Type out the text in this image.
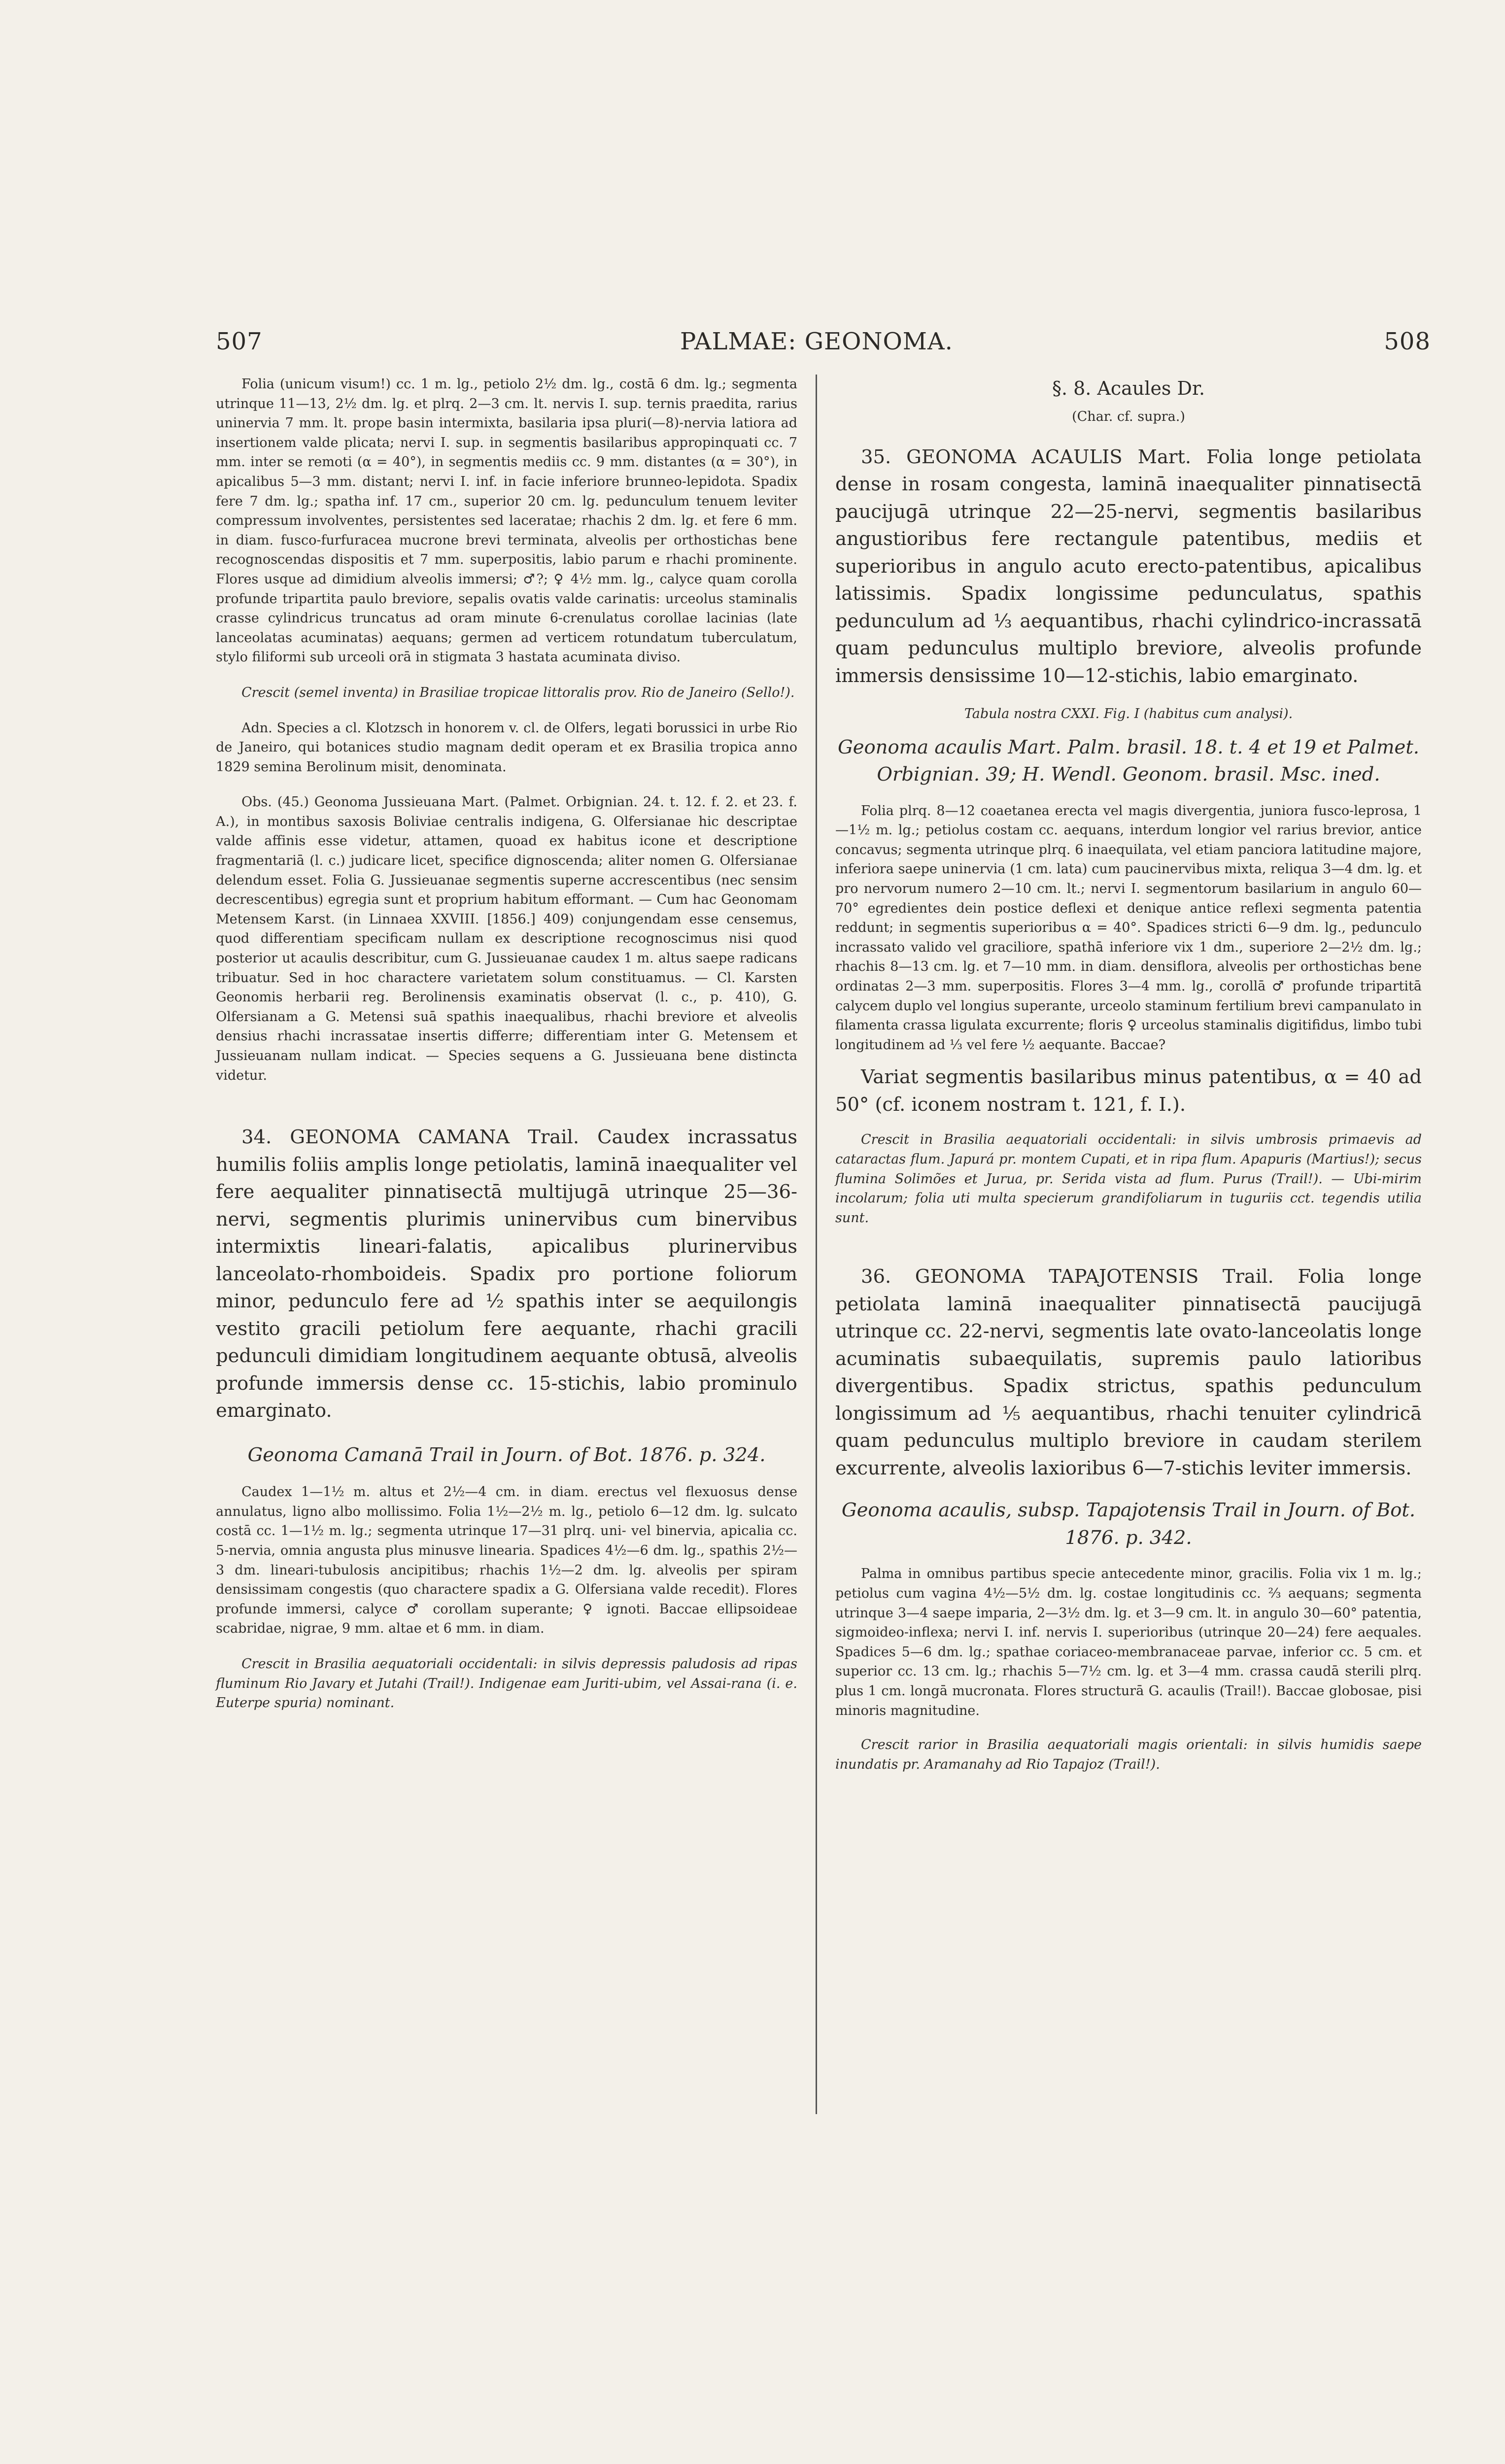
507	PALMAE: GEONOMA.	508

Folia (unicum visum!) cc. 1 m. lg., petiolo 2½ dm. lg., costā 6 dm. lg.; segmenta utrinque 11—13, 2½ dm. lg. et plrq. 2—3 cm. lt. nervis I. sup. ternis praedita, rarius uninervia 7 mm. lt. prope basin intermixta, basilaria ipsa pluri(—8)-nervia latiora ad insertionem valde plicata; nervi I. sup. in segmentis basilaribus appropinquati cc. 7 mm. inter se remoti (α = 40°), in segmentis mediis cc. 9 mm. distantes (α = 30°), in apicalibus 5—3 mm. distant; nervi I. inf. in facie inferiore brunneo-lepidota. Spadix fere 7 dm. lg.; spatha inf. 17 cm., superior 20 cm. lg. pedunculum tenuem leviter compressum involventes, persistentes sed laceratae; rhachis 2 dm. lg. et fere 6 mm. in diam. fusco-furfuracea mucrone brevi terminata, alveolis per orthostichas bene recognoscendas dispositis et 7 mm. superpositis, labio parum e rhachi prominente. Flores usque ad dimidium alveolis immersi; ♂?; ♀ 4½ mm. lg., calyce quam corolla profunde tripartita paulo breviore, sepalis ovatis valde carinatis: urceolus staminalis crasse cylindricus truncatus ad oram minute 6-crenulatus corollae lacinias (late lanceolatas acuminatas) aequans; germen ad verticem rotundatum tuberculatum, stylo filiformi sub urceoli orā in stigmata 3 hastata acuminata diviso.

Crescit (semel inventa) in Brasiliae tropicae littoralis prov. Rio de Janeiro (Sello!).

Adn. Species a cl. Klotzsch in honorem v. cl. de Olfers, legati borussici in urbe Rio de Janeiro, qui botanices studio magnam dedit operam et ex Brasilia tropica anno 1829 semina Berolinum misit, denominata.

Obs. (45.) Geonoma Jussieuana Mart. (Palmet. Orbignian. 24. t. 12. f. 2. et 23. f. A.), in montibus saxosis Boliviae centralis indigena, G. Olfersianae hic descriptae valde affinis esse videtur, attamen, quoad ex habitus icone et descriptione fragmentariā (l. c.) judicare licet, specifice dignoscenda; aliter nomen G. Olfersianae delendum esset. Folia G. Jussieuanae segmentis superne accrescentibus (nec sensim decrescentibus) egregia sunt et proprium habitum efformant. — Cum hac Geonomam Metensem Karst. (in Linnaea XXVIII. [1856.] 409) conjungendam esse censemus, quod differentiam specificam nullam ex descriptione recognoscimus nisi quod posterior ut acaulis describitur, cum G. Jussieuanae caudex 1 m. altus saepe radicans tribuatur. Sed in hoc charactere varietatem solum constituamus. — Cl. Karsten Geonomis herbarii reg. Berolinensis examinatis observat (l. c., p. 410), G. Olfersianam a G. Metensi suā spathis inaequalibus, rhachi breviore et alveolis densius rhachi incrassatae insertis differre; differentiam inter G. Metensem et Jussieuanam nullam indicat. — Species sequens a G. Jussieuana bene distincta videtur.

34. GEONOMA CAMANA Trail. Caudex incrassatus humilis foliis amplis longe petiolatis, laminā inaequaliter vel fere aequaliter pinnatisectā multijugā utrinque 25—36-nervi, segmentis plurimis uninervibus cum binervibus intermixtis lineari-falatis, apicalibus plurinervibus lanceolato-rhomboideis. Spadix pro portione foliorum minor, pedunculo fere ad ½ spathis inter se aequilongis vestito gracili petiolum fere aequante, rhachi gracili pedunculi dimidiam longitudinem aequante obtusā, alveolis profunde immersis dense cc. 15-stichis, labio prominulo emarginato.

Geonoma Camanā Trail in Journ. of Bot. 1876. p. 324.

Caudex 1—1½ m. altus et 2½—4 cm. in diam. erectus vel flexuosus dense annulatus, ligno albo mollissimo. Folia 1½—2½ m. lg., petiolo 6—12 dm. lg. sulcato costā cc. 1—1½ m. lg.; segmenta utrinque 17—31 plrq. uni- vel binervia, apicalia cc. 5-nervia, omnia angusta plus minusve linearia. Spadices 4½—6 dm. lg., spathis 2½—3 dm. lineari-tubulosis ancipitibus; rhachis 1½—2 dm. lg. alveolis per spiram densissimam congestis (quo charactere spadix a G. Olfersiana valde recedit). Flores profunde immersi, calyce ♂ corollam superante; ♀ ignoti. Baccae ellipsoideae scabridae, nigrae, 9 mm. altae et 6 mm. in diam.

Crescit in Brasilia aequatoriali occidentali: in silvis depressis paludosis ad ripas fluminum Rio Javary et Jutahi (Trail!). Indigenae eam Juriti-ubim, vel Assai-rana (i. e. Euterpe spuria) nominant.

§. 8. Acaules Dr.

(Char. cf. supra.)

35. GEONOMA ACAULIS Mart. Folia longe petiolata dense in rosam congesta, laminā inaequaliter pinnatisectā paucijugā utrinque 22—25-nervi, segmentis basilaribus angustioribus fere rectangule patentibus, mediis et superioribus in angulo acuto erecto-patentibus, apicalibus latissimis. Spadix longissime pedunculatus, spathis pedunculum ad ⅓ aequantibus, rhachi cylindrico-incrassatā quam pedunculus multiplo breviore, alveolis profunde immersis densissime 10—12-stichis, labio emarginato.

Tabula nostra CXXI. Fig. I (habitus cum analysi).

Geonoma acaulis Mart. Palm. brasil. 18. t. 4 et 19 et Palmet. Orbignian. 39; H. Wendl. Geonom. brasil. Msc. ined.

Folia plrq. 8—12 coaetanea erecta vel magis divergentia, juniora fusco-leprosa, 1—1½ m. lg.; petiolus costam cc. aequans, interdum longior vel rarius brevior, antice concavus; segmenta utrinque plrq. 6 inaequilata, vel etiam panciora latitudine majore, inferiora saepe uninervia (1 cm. lata) cum paucinervibus mixta, reliqua 3—4 dm. lg. et pro nervorum numero 2—10 cm. lt.; nervi I. segmentorum basilarium in angulo 60—70° egredientes dein postice deflexi et denique antice reflexi segmenta patentia reddunt; in segmentis superioribus α = 40°. Spadices stricti 6—9 dm. lg., pedunculo incrassato valido vel graciliore, spathā inferiore vix 1 dm., superiore 2—2½ dm. lg.; rhachis 8—13 cm. lg. et 7—10 mm. in diam. densiflora, alveolis per orthostichas bene ordinatas 2—3 mm. superpositis. Flores 3—4 mm. lg., corollā ♂ profunde tripartitā calycem duplo vel longius superante, urceolo staminum fertilium brevi campanulato in filamenta crassa ligulata excurrente; floris ♀ urceolus staminalis digitifidus, limbo tubi longitudinem ad ⅓ vel fere ½ aequante. Baccae?

Variat segmentis basilaribus minus patentibus, α = 40 ad 50° (cf. iconem nostram t. 121, f. I.).

Crescit in Brasilia aequatoriali occidentali: in silvis umbrosis primaevis ad cataractas flum. Japurá pr. montem Cupati, et in ripa flum. Apapuris (Martius!); secus flumina Solimões et Jurua, pr. Serida vista ad flum. Purus (Trail!). — Ubi-mirim incolarum; folia uti multa specierum grandifoliarum in tuguriis cct. tegendis utilia sunt.

36. GEONOMA TAPAJOTENSIS Trail. Folia longe petiolata laminā inaequaliter pinnatisectā paucijugā utrinque cc. 22-nervi, segmentis late ovato-lanceolatis longe acuminatis subaequilatis, supremis paulo latioribus divergentibus. Spadix strictus, spathis pedunculum longissimum ad ⅕ aequantibus, rhachi tenuiter cylindricā quam pedunculus multiplo breviore in caudam sterilem excurrente, alveolis laxioribus 6—7-stichis leviter immersis.

Geonoma acaulis, subsp. Tapajotensis Trail in Journ. of Bot. 1876. p. 342.

Palma in omnibus partibus specie antecedente minor, gracilis. Folia vix 1 m. lg.; petiolus cum vagina 4½—5½ dm. lg. costae longitudinis cc. ⅔ aequans; segmenta utrinque 3—4 saepe imparia, 2—3½ dm. lg. et 3—9 cm. lt. in angulo 30—60° patentia, sigmoideo-inflexa; nervi I. inf. nervis I. superioribus (utrinque 20—24) fere aequales. Spadices 5—6 dm. lg.; spathae coriaceo-membranaceae parvae, inferior cc. 5 cm. et superior cc. 13 cm. lg.; rhachis 5—7½ cm. lg. et 3—4 mm. crassa caudā sterili plrq. plus 1 cm. longā mucronata. Flores structurā G. acaulis (Trail!). Baccae globosae, pisi minoris magnitudine.

Crescit rarior in Brasilia aequatoriali magis orientali: in silvis humidis saepe inundatis pr. Aramanahy ad Rio Tapajoz (Trail!).
